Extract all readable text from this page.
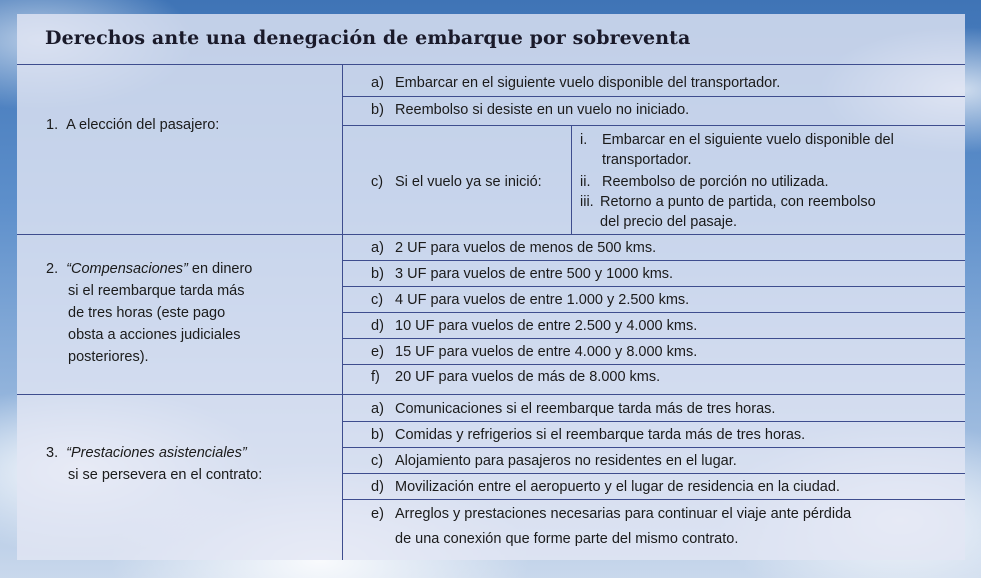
Derechos ante una denegación de embarque por sobreventa
1. A elección del pasajero:
a) Embarcar en el siguiente vuelo disponible del transportador.
b) Reembolso si desiste en un vuelo no iniciado.
c) Si el vuelo ya se inició:
i. Embarcar en el siguiente vuelo disponible del
transportador.
ii. Reembolso de porción no utilizada.
iii. Retorno a punto de partida, con reembolso
del precio del pasaje.
2. “Compensaciones” en dinero
si el reembarque tarda más
de tres horas (este pago
obsta a acciones judiciales
posteriores).
a) 2 UF para vuelos de menos de 500 kms.
b) 3 UF para vuelos de entre 500 y 1000 kms.
c) 4 UF para vuelos de entre 1.000 y 2.500 kms.
d) 10 UF para vuelos de entre 2.500 y 4.000 kms.
e) 15 UF para vuelos de entre 4.000 y 8.000 kms.
f) 20 UF para vuelos de más de 8.000 kms.
3. “Prestaciones asistenciales”
si se persevera en el contrato:
a) Comunicaciones si el reembarque tarda más de tres horas.
b) Comidas y refrigerios si el reembarque tarda más de tres horas.
c) Alojamiento para pasajeros no residentes en el lugar.
d) Movilización entre el aeropuerto y el lugar de residencia en la ciudad.
e) Arreglos y prestaciones necesarias para continuar el viaje ante pérdida
de una conexión que forme parte del mismo contrato.
